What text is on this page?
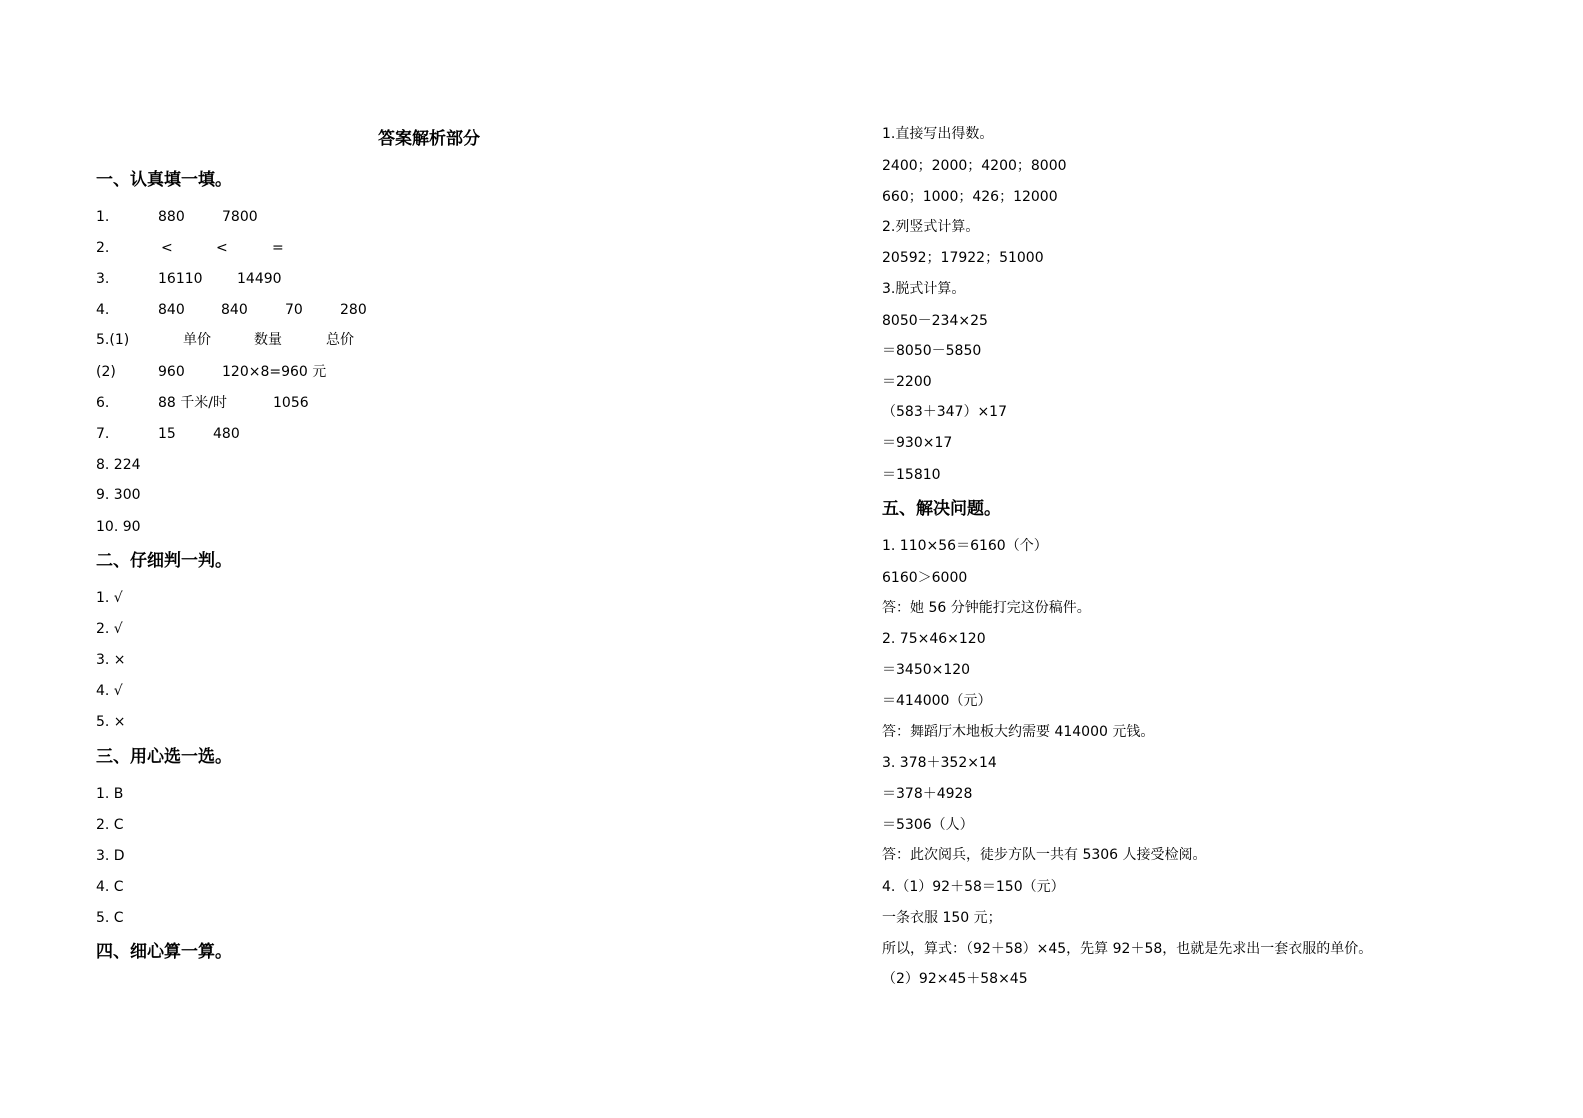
答案解析部分
一、认真填一填。
1.	880	7800
2.	<	<	=
3.	16110 14490
4.	840	840	70	280
5.(1)	单价	数量	总价
(2)	960	120×8=960 元
6.	88 千米/时	1056
7.	15	480
8. 224
9. 300
10. 90
二、仔细判一判。
1. √
2. √
3. ×
4. √
5. ×
三、用心选一选。
1. B
2. C
3. D
4. C
5. C
四、细心算一算。
1.直接写出得数。
2400；2000；4200；8000
660；1000；426；12000
2.列竖式计算。
20592；17922；51000
3.脱式计算。
8050－234×25
＝8050－5850
＝2200
（583＋347）×17
＝930×17
＝15810
五、解决问题。
1. 110×56＝6160（个）
6160＞6000
答：她 56 分钟能打完这份稿件。
2. 75×46×120
＝3450×120
＝414000（元）
答：舞蹈厅木地板大约需要 414000 元钱。
3. 378＋352×14
＝378＋4928
＝5306（人）
答：此次阅兵，徒步方队一共有 5306 人接受检阅。
4.（1）92＋58＝150（元）
一条衣服 150 元；
所以，算式：（92＋58）×45，先算 92＋58，也就是先求出一套衣服的单价。
（2）92×45＋58×45
